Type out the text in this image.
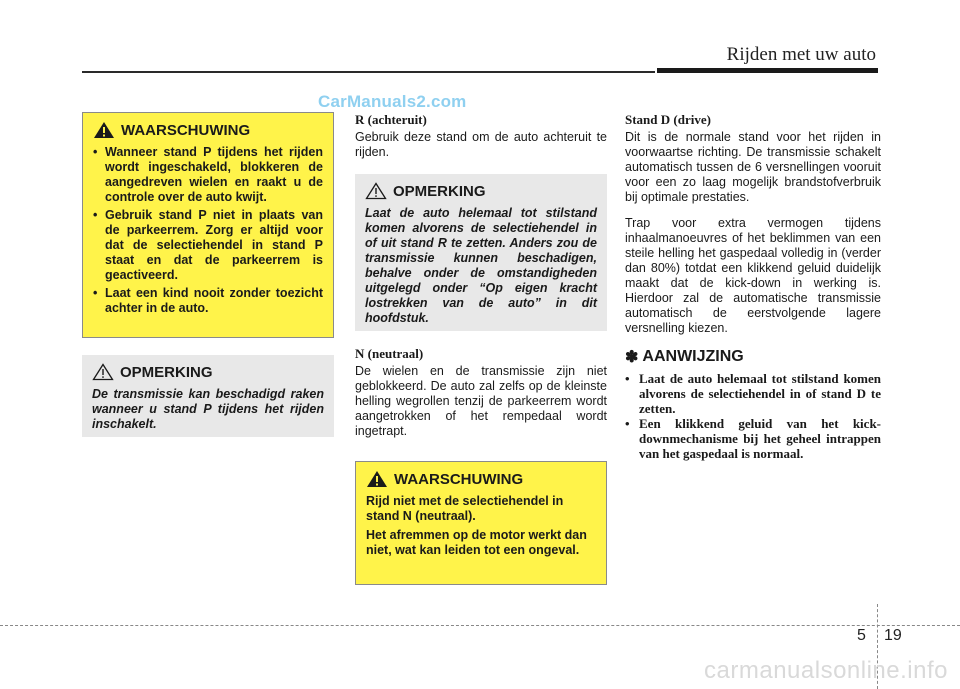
Rijden met uw auto
CarManuals2.com
WAARSCHUWING
• Wanneer stand P tijdens het rijden wordt ingeschakeld, blokkeren de aangedreven wielen en raakt u de controle over de auto kwijt.
• Gebruik stand P niet in plaats van de parkeerrem. Zorg er altijd voor dat de selectiehendel in stand P staat en dat de parkeerrem is geactiveerd.
• Laat een kind nooit zonder toezicht achter in de auto.
OPMERKING
De transmissie kan beschadigd raken wanneer u stand P tijdens het rijden inschakelt.
R (achteruit)
Gebruik deze stand om de auto achteruit te rijden.
OPMERKING
Laat de auto helemaal tot stilstand komen alvorens de selectiehendel in of uit stand R te zetten. Anders zou de transmissie kunnen beschadigen, behalve onder de omstandigheden uitgelegd onder “Op eigen kracht lostrekken van de auto” in dit hoofdstuk.
N (neutraal)
De wielen en de transmissie zijn niet geblokkeerd. De auto zal zelfs op de kleinste helling wegrollen tenzij de parkeerrem wordt aangetrokken of het rempedaal wordt ingetrapt.
WAARSCHUWING

Rijd niet met de selectiehendel in stand N (neutraal).

Het afremmen op de motor werkt dan niet, wat kan leiden tot een ongeval.

Stand D (drive)
Dit is de normale stand voor het rijden in voorwaartse richting. De transmissie schakelt automatisch tussen de 6 versnellingen vooruit voor een zo laag mogelijk brandstofverbruik bij optimale prestaties.
Trap voor extra vermogen tijdens inhaalmanoeuvres of het beklimmen van een steile helling het gaspedaal volledig in (verder dan 80%) totdat een klikkend geluid duidelijk maakt dat de kick-down in werking is. Hierdoor zal de automatische transmissie automatisch de eerstvolgende lagere versnelling kiezen.
✽ AANWIJZING
• Laat de auto helemaal tot stilstand komen alvorens de selectiehendel in of stand D te zetten.
• Een klikkend geluid van het kick-downmechanisme bij het geheel intrappen van het gaspedaal is normaal.
5 19
carmanualsonline.info
